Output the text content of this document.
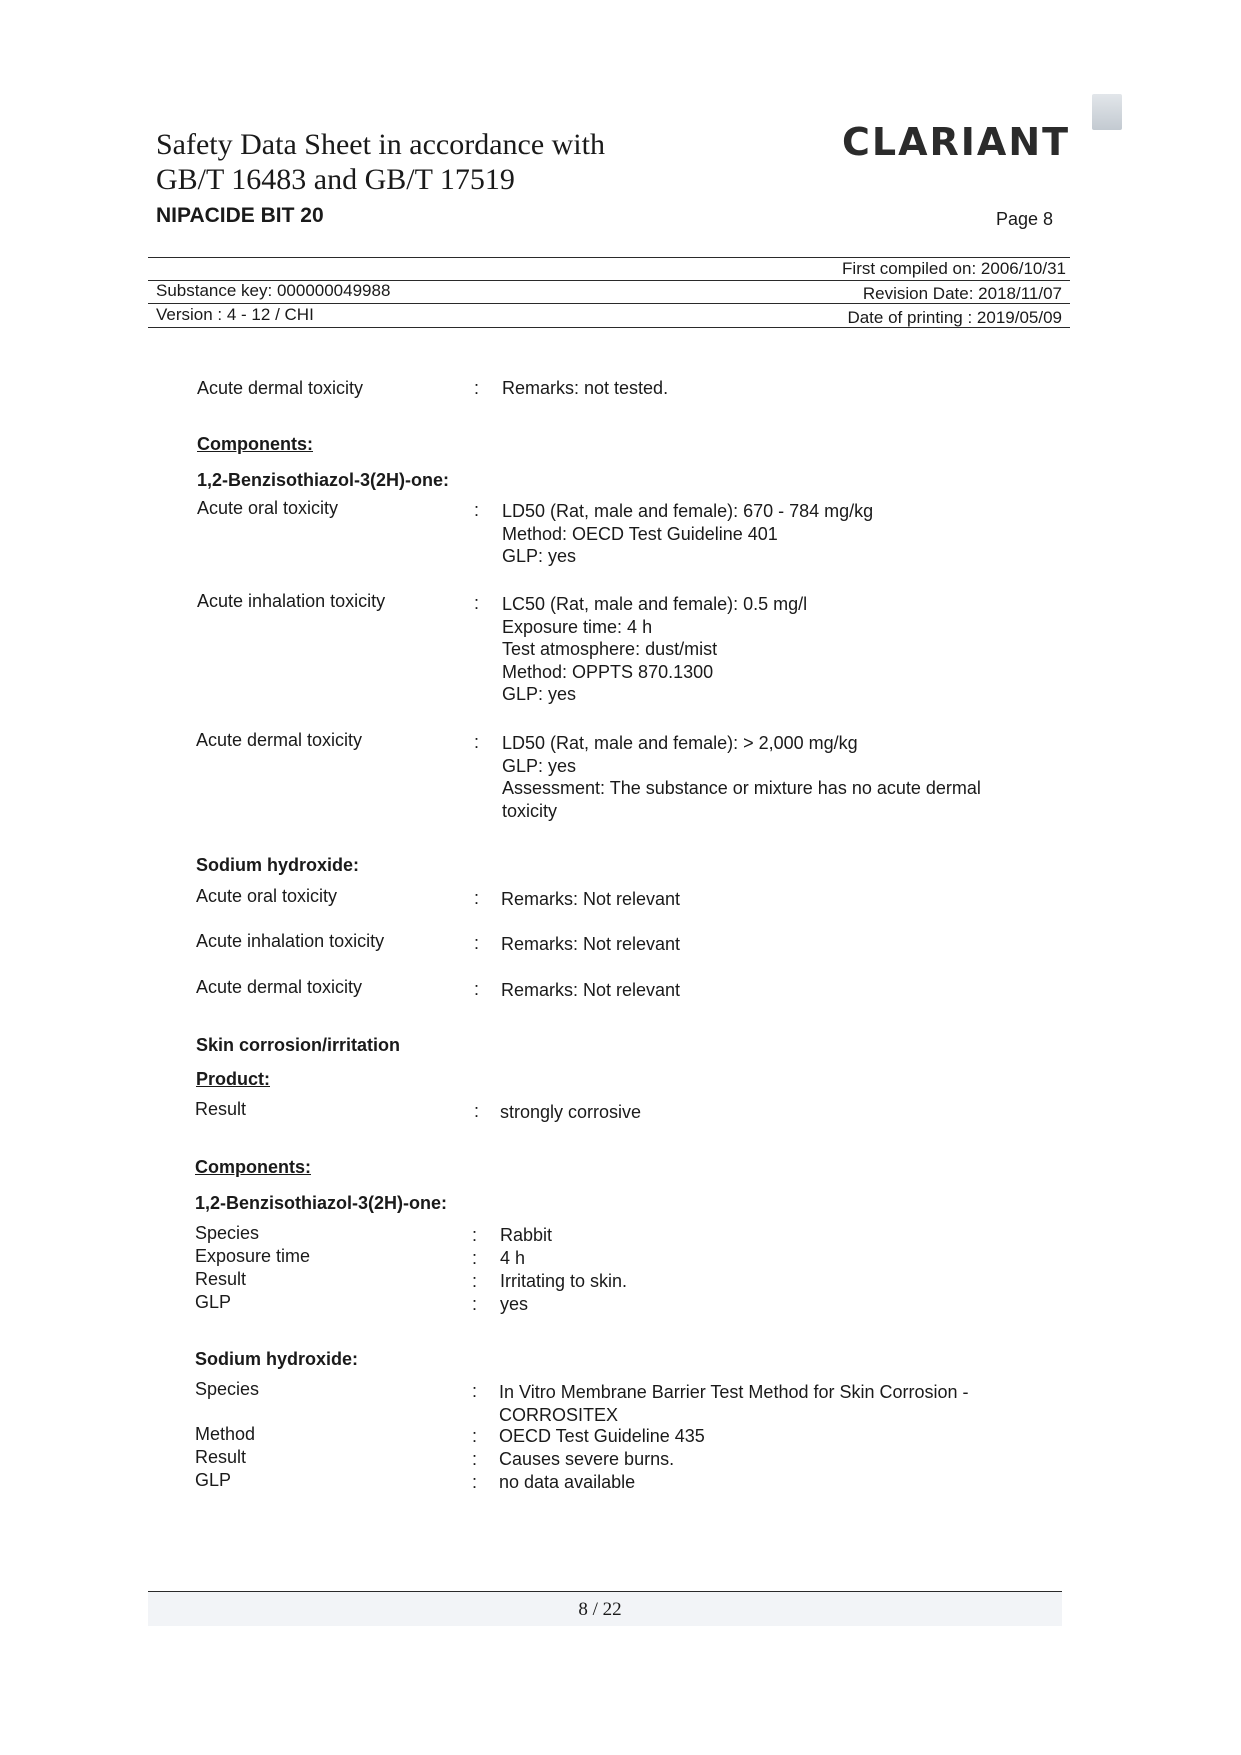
Safety Data Sheet in accordance with
GB/T 16483 and GB/T 17519
NIPACIDE BIT 20
CLARIANT
Page 8
First compiled on: 2006/10/31
Substance key: 000000049988	Revision Date: 2018/11/07
Version : 4 - 12 / CHI	Date of printing : 2019/05/09
Acute dermal toxicity	: Remarks: not tested.
Components:
1,2-Benzisothiazol-3(2H)-one:
Acute oral toxicity	: LD50 (Rat, male and female): 670 - 784 mg/kg
Method: OECD Test Guideline 401
GLP: yes
Acute inhalation toxicity	: LC50 (Rat, male and female): 0.5 mg/l
Exposure time: 4 h
Test atmosphere: dust/mist
Method: OPPTS 870.1300
GLP: yes
Acute dermal toxicity	: LD50 (Rat, male and female): > 2,000 mg/kg
GLP: yes
Assessment: The substance or mixture has no acute dermal
toxicity
Sodium hydroxide:
Acute oral toxicity	: Remarks: Not relevant
Acute inhalation toxicity	: Remarks: Not relevant
Acute dermal toxicity	: Remarks: Not relevant
Skin corrosion/irritation
Product:
Result	: strongly corrosive
Components:
1,2-Benzisothiazol-3(2H)-one:
Species	: Rabbit
Exposure time	: 4 h
Result	: Irritating to skin.
GLP	: yes
Sodium hydroxide:
Species	: In Vitro Membrane Barrier Test Method for Skin Corrosion -
CORROSITEX
Method	: OECD Test Guideline 435
Result	: Causes severe burns.
GLP	: no data available
8 / 22
